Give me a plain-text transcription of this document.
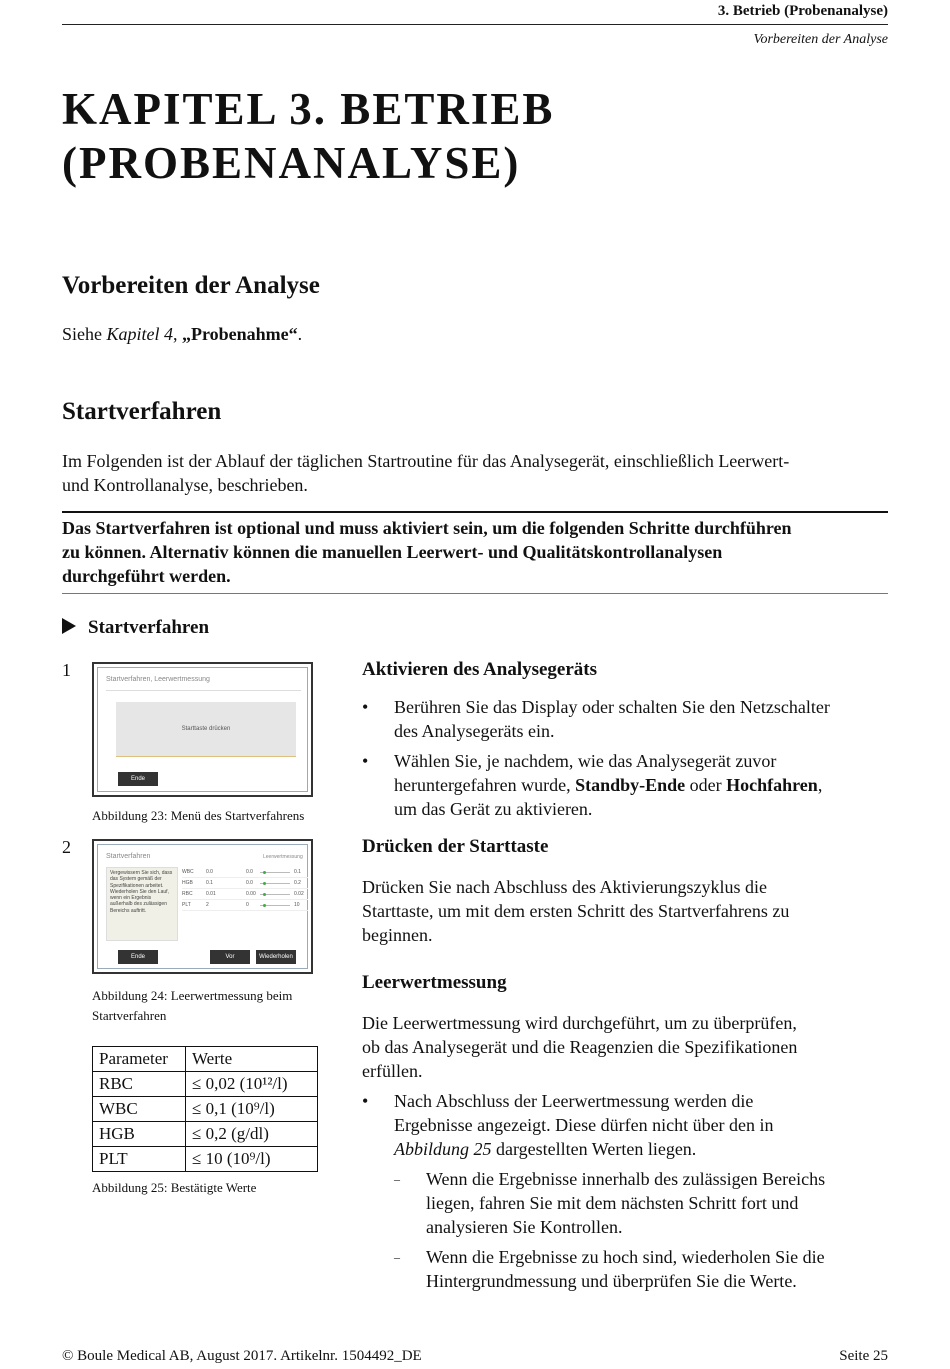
3. Betrieb (Probenanalyse)
Vorbereiten der Analyse
KAPITEL 3. BETRIEB
(PROBENANALYSE)
Vorbereiten der Analyse
Siehe Kapitel 4, „Probenahme“.
Startverfahren
Im Folgenden ist der Ablauf der täglichen Startroutine für das Analysegerät, einschließlich Leerwert-
und Kontrollanalyse, beschrieben.
Das Startverfahren ist optional und muss aktiviert sein, um die folgenden Schritte durchführen
zu können. Alternativ können die manuellen Leerwert- und Qualitätskontrollanalysen
durchgeführt werden.
Startverfahren
1	Startverfahren, Leerwertmessung
Starttaste drücken
Ende
Abbildung 23: Menü des Startverfahrens
Aktivieren des Analysegeräts
•	Berühren Sie das Display oder schalten Sie den Netzschalter
des Analysegeräts ein.
•	Wählen Sie, je nachdem, wie das Analysegerät zuvor
heruntergefahren wurde, Standby-Ende oder Hochfahren,
um das Gerät zu aktivieren.
2	Startverfahren	Leerwertmessung
Vergewissern Sie sich, dass das System gemäß der Spezifikationen arbeitet. Wiederholen Sie den Lauf, wenn ein Ergebnis außerhalb des zulässigen Bereichs auftritt.
WBC 0.0	0.0	0.1
HGB	0.1	0.0	0.2
RBC	0.01	0.00	0.02
PLT	2	0	10
Ende	Vor	Wiederholen
Abbildung 24: Leerwertmessung beim
Startverfahren
Drücken der Starttaste
Drücken Sie nach Abschluss des Aktivierungszyklus die
Starttaste, um mit dem ersten Schritt des Startverfahrens zu
beginnen.
Leerwertmessung
Die Leerwertmessung wird durchgeführt, um zu überprüfen,
ob das Analysegerät und die Reagenzien die Spezifikationen
erfüllen.
•	Nach Abschluss der Leerwertmessung werden die
Ergebnisse angezeigt. Diese dürfen nicht über den in
Abbildung 25 dargestellten Werten liegen.
–	Wenn die Ergebnisse innerhalb des zulässigen Bereichs
liegen, fahren Sie mit dem nächsten Schritt fort und
analysieren Sie Kontrollen.
–	Wenn die Ergebnisse zu hoch sind, wiederholen Sie die
Hintergrundmessung und überprüfen Sie die Werte.
Parameter	Werte
RBC	≤ 0,02 (10¹²/l)
WBC	≤ 0,1 (10⁹/l)
HGB	≤ 0,2 (g/dl)
PLT	≤ 10 (10⁹/l)
Abbildung 25: Bestätigte Werte
© Boule Medical AB, August 2017. Artikelnr. 1504492_DE	Seite 25
